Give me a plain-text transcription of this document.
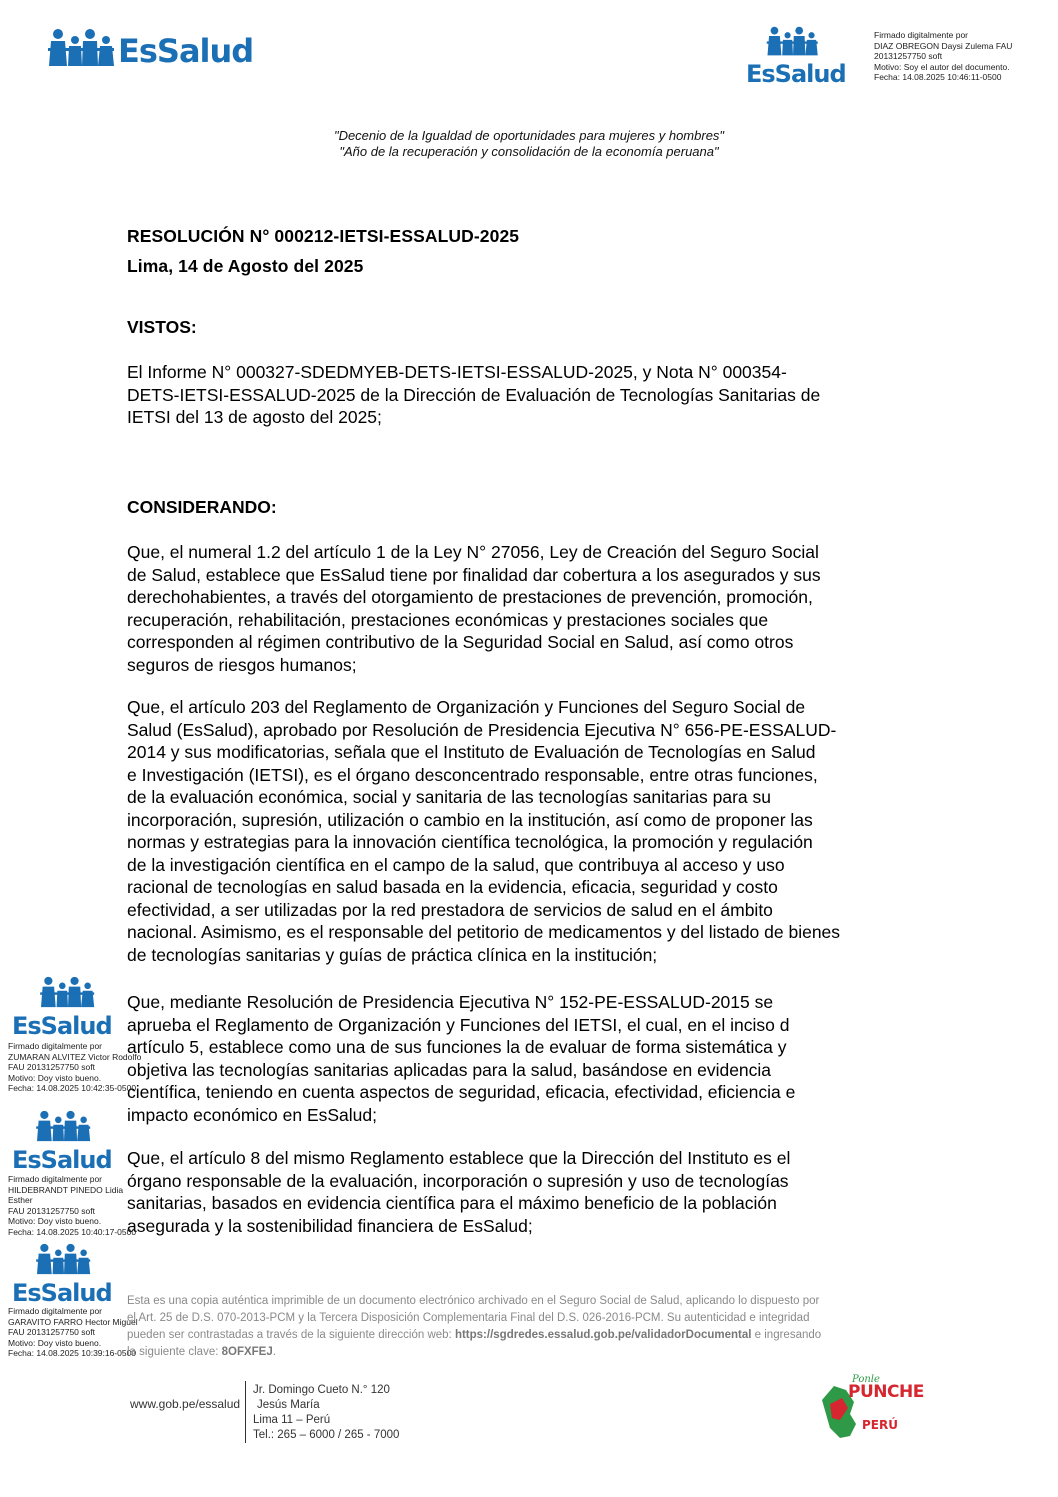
EsSalud
EsSalud
Firmado digitalmente por
DIAZ OBREGON Daysi Zulema FAU
20131257750 soft
Motivo: Soy el autor del documento.
Fecha: 14.08.2025 10:46:11-0500
"Decenio de la Igualdad de oportunidades para mujeres y hombres"
"Año de la recuperación y consolidación de la economía peruana"
RESOLUCIÓN N° 000212-IETSI-ESSALUD-2025
Lima, 14 de Agosto del 2025
VISTOS:
El Informe N° 000327-SDEDMYEB-DETS-IETSI-ESSALUD-2025, y Nota N° 000354-
DETS-IETSI-ESSALUD-2025 de la Dirección de Evaluación de Tecnologías Sanitarias de
IETSI del 13 de agosto del 2025;
CONSIDERANDO:
Que, el numeral 1.2 del artículo 1 de la Ley N° 27056, Ley de Creación del Seguro Social
de Salud, establece que EsSalud tiene por finalidad dar cobertura a los asegurados y sus
derechohabientes, a través del otorgamiento de prestaciones de prevención, promoción,
recuperación, rehabilitación, prestaciones económicas y prestaciones sociales que
corresponden al régimen contributivo de la Seguridad Social en Salud, así como otros
seguros de riesgos humanos;
Que, el artículo 203 del Reglamento de Organización y Funciones del Seguro Social de
Salud (EsSalud), aprobado por Resolución de Presidencia Ejecutiva N° 656-PE-ESSALUD-
2014 y sus modificatorias, señala que el Instituto de Evaluación de Tecnologías en Salud
e Investigación (IETSI), es el órgano desconcentrado responsable, entre otras funciones,
de la evaluación económica, social y sanitaria de las tecnologías sanitarias para su
incorporación, supresión, utilización o cambio en la institución, así como de proponer las
normas y estrategias para la innovación científica tecnológica, la promoción y regulación
de la investigación científica en el campo de la salud, que contribuya al acceso y uso
racional de tecnologías en salud basada en la evidencia, eficacia, seguridad y costo
efectividad, a ser utilizadas por la red prestadora de servicios de salud en el ámbito
nacional. Asimismo, es el responsable del petitorio de medicamentos y del listado de bienes
de tecnologías sanitarias y guías de práctica clínica en la institución;
Que, mediante Resolución de Presidencia Ejecutiva N° 152-PE-ESSALUD-2015 se
aprueba el Reglamento de Organización y Funciones del IETSI, el cual, en el inciso d
artículo 5, establece como una de sus funciones la de evaluar de forma sistemática y
objetiva las tecnologías sanitarias aplicadas para la salud, basándose en evidencia
científica, teniendo en cuenta aspectos de seguridad, eficacia, efectividad, eficiencia e
impacto económico en EsSalud;
Que, el artículo 8 del mismo Reglamento establece que la Dirección del Instituto es el
órgano responsable de la evaluación, incorporación o supresión y uso de tecnologías
sanitarias, basados en evidencia científica para el máximo beneficio de la población
asegurada y la sostenibilidad financiera de EsSalud;
EsSalud
Firmado digitalmente por
ZUMARAN ALVITEZ Victor Rodolfo
FAU 20131257750 soft
Motivo: Doy visto bueno.
Fecha: 14.08.2025 10:42:35-0500
EsSalud
Firmado digitalmente por
HILDEBRANDT PINEDO Lidia Esther
FAU 20131257750 soft
Motivo: Doy visto bueno.
Fecha: 14.08.2025 10:40:17-0500
EsSalud
Firmado digitalmente por
GARAVITO FARRO Hector Miguel
FAU 20131257750 soft
Motivo: Doy visto bueno.
Fecha: 14.08.2025 10:39:16-0500
Esta es una copia auténtica imprimible de un documento electrónico archivado en el Seguro Social de Salud, aplicando lo dispuesto por
el Art. 25 de D.S. 070-2013-PCM y la Tercera Disposición Complementaria Final del D.S. 026-2016-PCM. Su autenticidad e integridad
pueden ser contrastadas a través de la siguiente dirección web: https://sgdredes.essalud.gob.pe/validadorDocumental e ingresando
la siguiente clave: 8OFXFEJ.
www.gob.pe/essalud
Jr. Domingo Cueto N.° 120
Jesús María
Lima 11 – Perú
Tel.: 265 – 6000 / 265 - 7000
Ponle
PUNCHE
PERÚ
